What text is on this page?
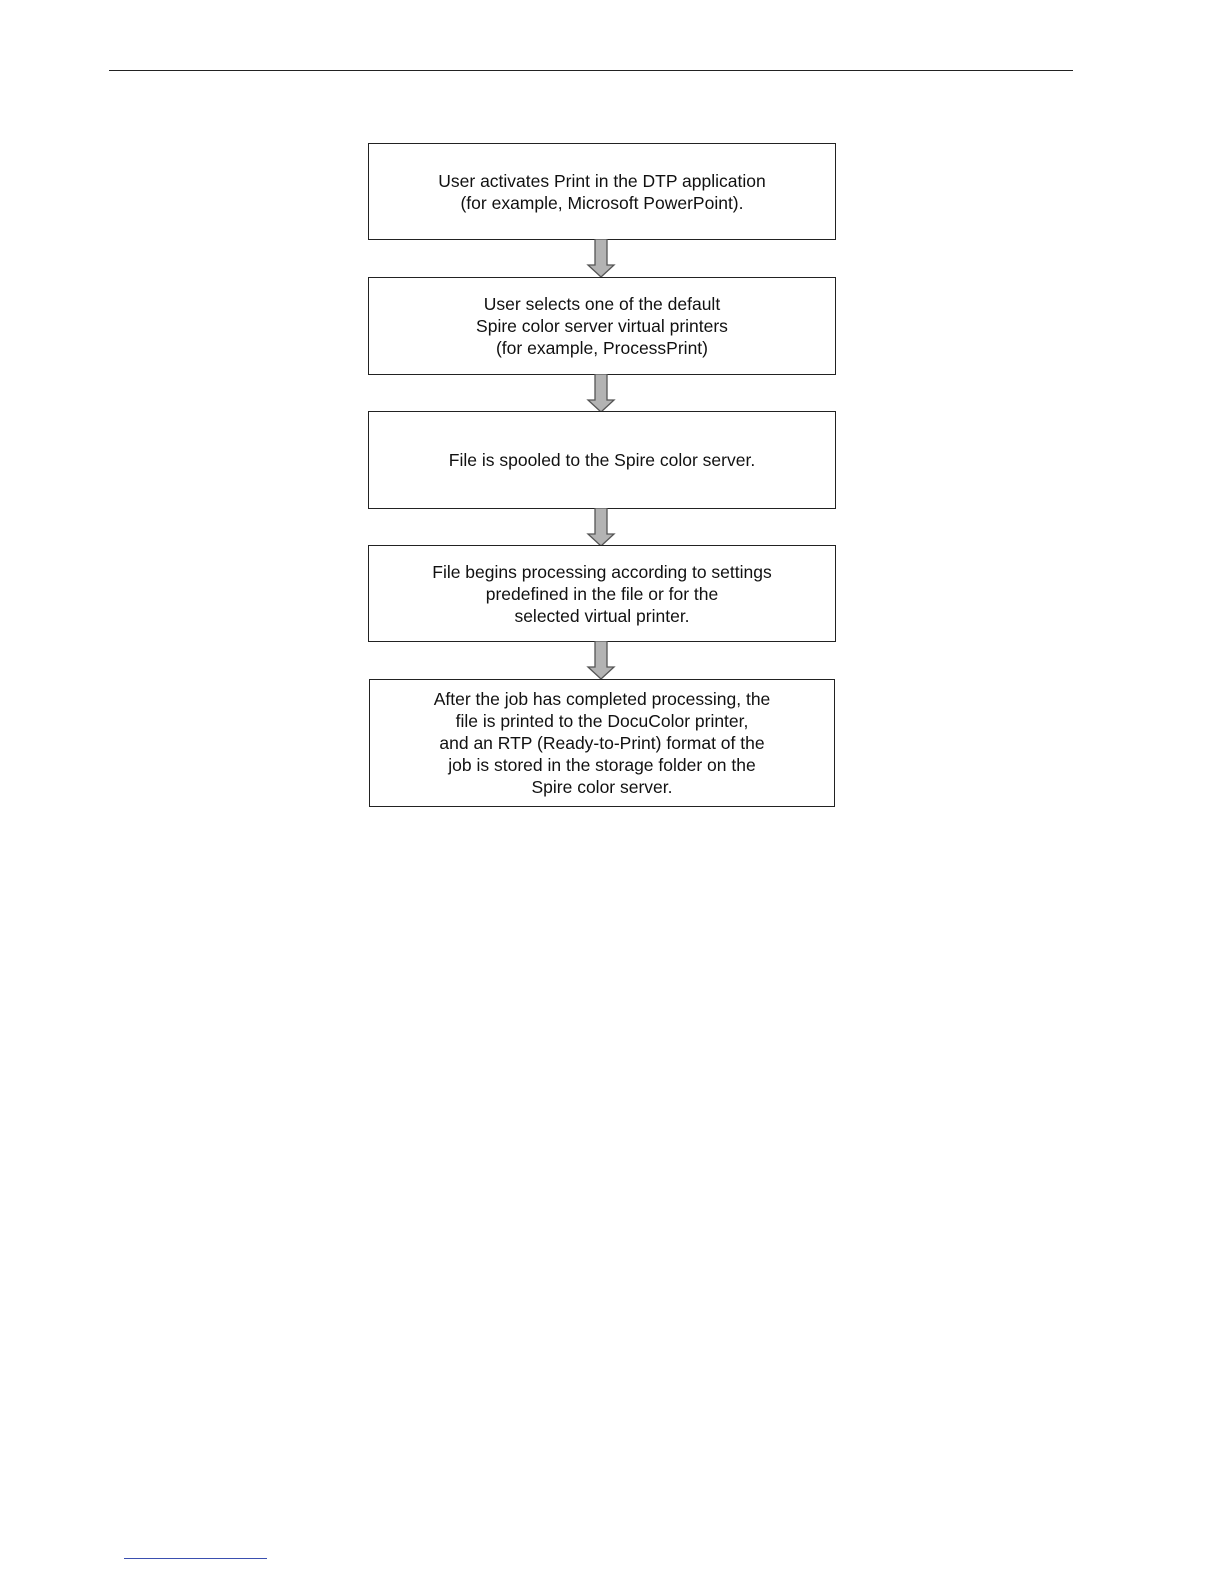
User activates Print in the DTP application
(for example, Microsoft PowerPoint).
User selects one of the default
Spire color server virtual printers
(for example, ProcessPrint)
File is spooled to the Spire color server.
File begins processing according to settings
predefined in the file or for the
selected virtual printer.
After the job has completed processing, the
file is printed to the DocuColor printer,
and an RTP (Ready-to-Print) format of the
job is stored in the storage folder on the
Spire color server.
